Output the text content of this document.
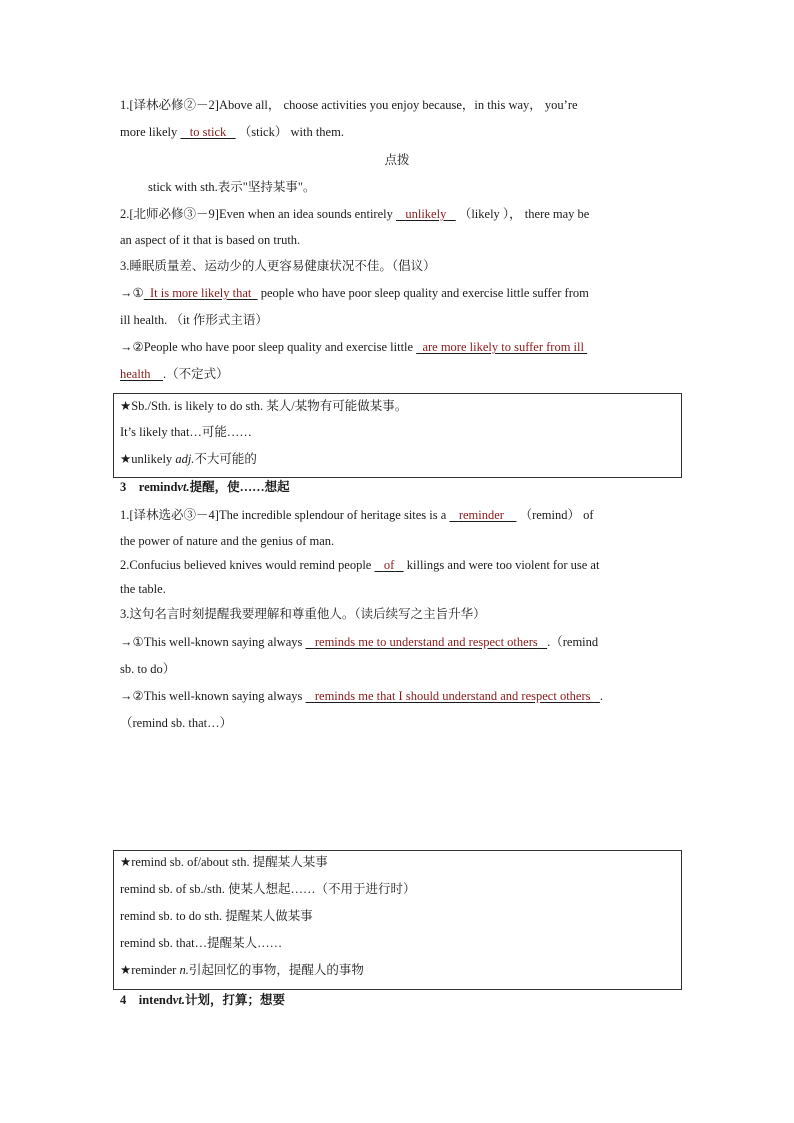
1.[译林必修②－2]Above all， choose activities you enjoy because，in this way， you’re
more likely    to stick （stick） with them.
点拨
stick with sth.表示"坚持某事"。
2.[北师必修③－9]Even when an idea sounds entirely    unlikely （likely ）， there may be
an aspect of it that is based on truth.
3.睡眠质量差、运动少的人更容易健康状况不佳。（倡议）
→① It is more likely that   people who have poor sleep quality and exercise little suffer from
ill health. （it 作形式主语）
→②People who have poor sleep quality and exercise little   are more likely to suffer from ill
health .（不定式）
★Sb./Sth. is likely to do sth. 某人/某物有可能做某事。
It’s likely that…可能……
★unlikely adj.不大可能的
3 remindvt.提醒，使……想起
1.[译林选必③－4]The incredible splendour of heritage sites is a    reminder （remind） of
the power of nature and the genius of man.
2.Confucius believed knives would remind people    of    killings and were too violent for use at
the table.
3.这句名言时刻提醒我要理解和尊重他人。（读后续写之主旨升华）
→①This well-known saying always    reminds me to understand and respect others .（remind
sb. to do）
→②This well-known saying always    reminds me that I should understand and respect others .
（remind sb. that…）
★remind sb. of/about sth. 提醒某人某事
remind sb. of sb./sth. 使某人想起……（不用于进行时）
remind sb. to do sth. 提醒某人做某事
remind sb. that…提醒某人……
★reminder n.引起回忆的事物，提醒人的事物
4 intendvt.计划，打算；想要
